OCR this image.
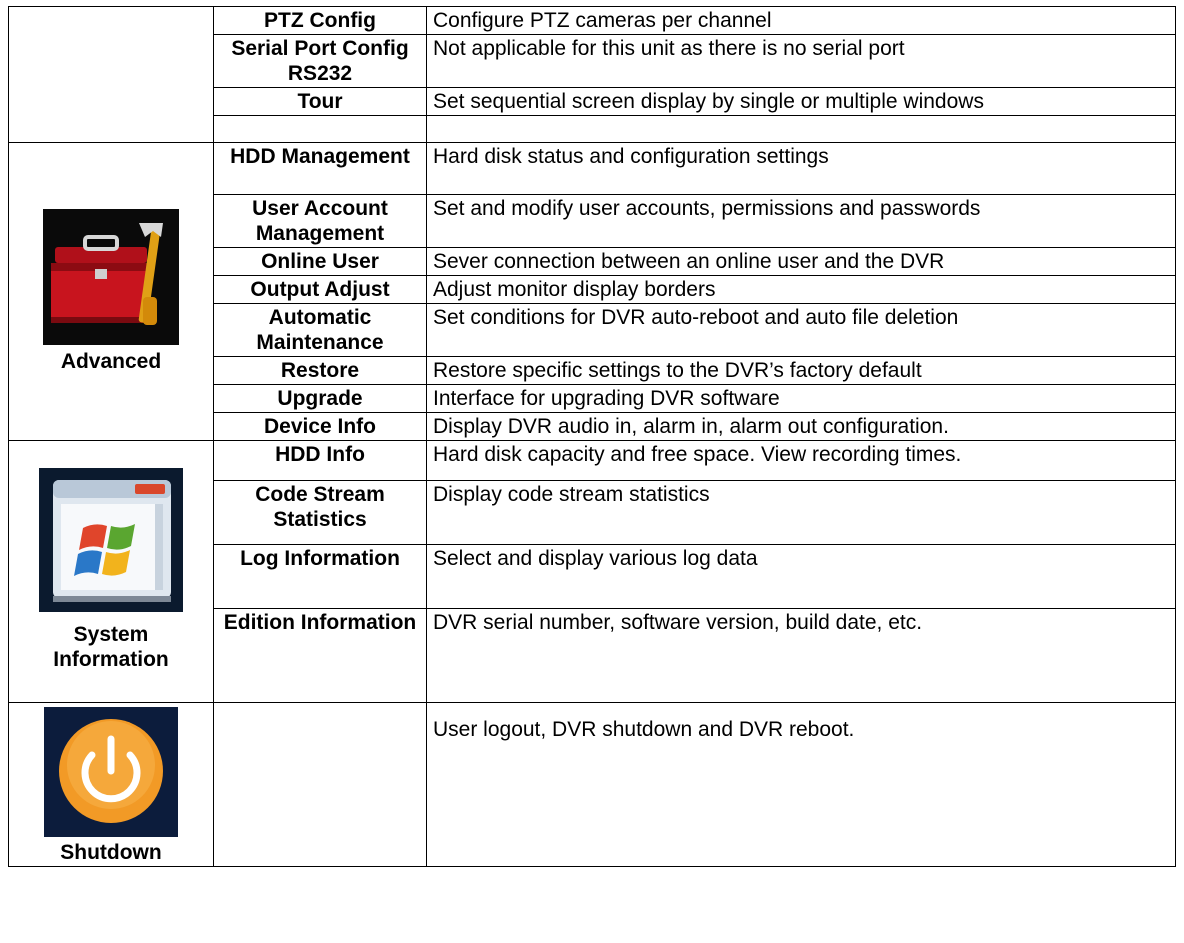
	PTZ Config	Configure PTZ cameras per channel
	Serial Port Config RS232	Not applicable for this unit as there is no serial port
	Tour	Set sequential screen display by single or multiple windows

Advanced	HDD Management	Hard disk status and configuration settings
	User Account Management	Set and modify user accounts, permissions and passwords
	Online User	Sever connection between an online user and the DVR
	Output Adjust	Adjust monitor display borders
	Automatic Maintenance	Set conditions for DVR auto-reboot and auto file deletion
	Restore	Restore specific settings to the DVR’s factory default
	Upgrade	Interface for upgrading DVR software
	Device Info	Display DVR audio in, alarm in, alarm out configuration.

System Information	HDD Info	Hard disk capacity and free space. View recording times.
	Code Stream Statistics	Display code stream statistics
	Log Information	Select and display various log data
	Edition Information	DVR serial number, software version, build date, etc.

Shutdown		User logout, DVR shutdown and DVR reboot.
